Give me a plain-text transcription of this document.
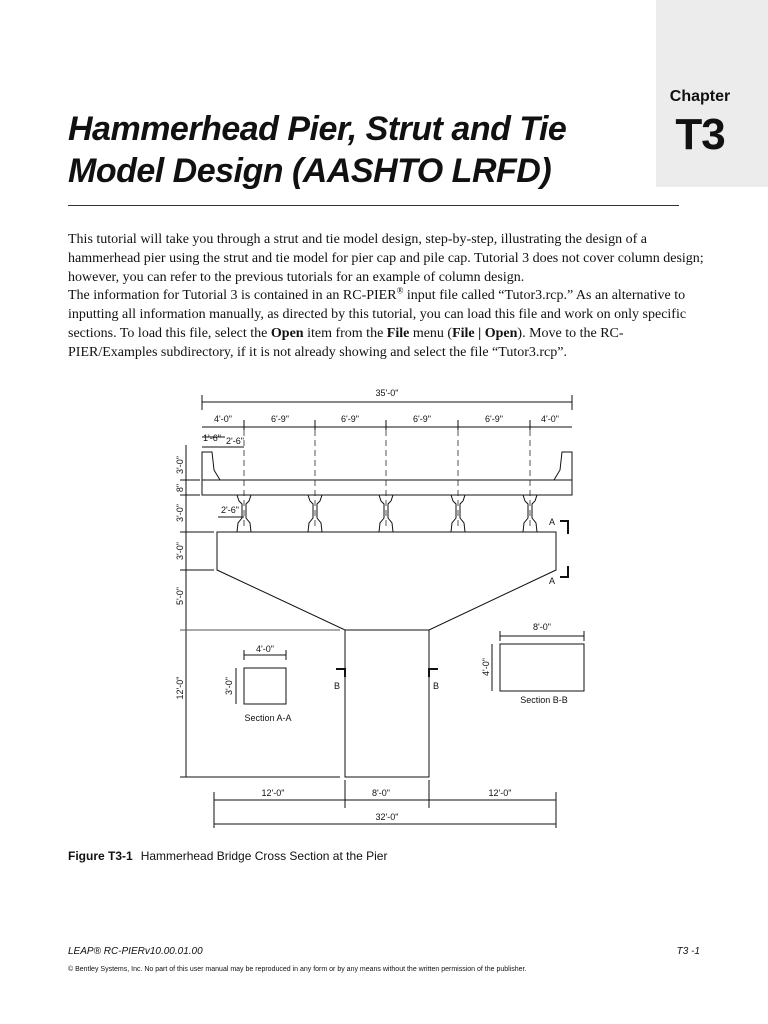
Chapter
T3
Hammerhead Pier, Strut and Tie Model Design (AASHTO LRFD)

This tutorial will take you through a strut and tie model design, step-by-step, illustrating the design of a hammerhead pier using the strut and tie model for pier cap and pile cap. Tutorial 3 does not cover column design; however, you can refer to the previous tutorials for an example of column design.

The information for Tutorial 3 is contained in an RC-PIER® input file called “Tutor3.rcp.” As an alternative to inputting all information manually, as directed by this tutorial, you can load this file and work on only specific sections. To load this file, select the Open item from the File menu (File | Open). Move to the RC-PIER/Examples subdirectory, if it is not already showing and select the file “Tutor3.rcp”.

35'-0"
4'-0"	6'-9"	6'-9"	6'-9"	6'-9"	4'-0"
1'-6" 2'-6"
2'-6"
3'-0"
8"
3'-0"
3'-0"
5'-0"
12'-0"
A
A
B	B
4'-0"
3'-0"
Section A-A
8'-0"
4'-0"
Section B-B
12'-0"	8'-0"	12'-0"
32'-0"

Figure T3-1 Hammerhead Bridge Cross Section at the Pier

LEAP® RC-PIERv10.00.01.00	T3 -1
© Bentley Systems, Inc. No part of this user manual may be reproduced in any form or by any means without the written permission of the publisher.
